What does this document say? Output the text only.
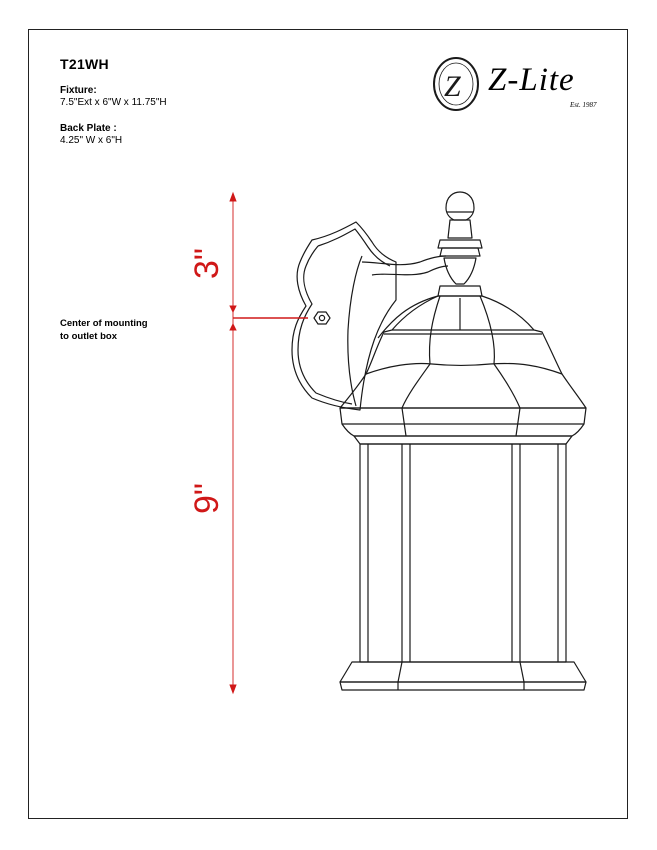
T21WH
Fixture:
7.5"Ext x 6"W x 11.75"H
Back Plate :
4.25" W x 6"H
Center of mounting
to outlet box
3"
9"
Z Z-Lite
Est. 1987
